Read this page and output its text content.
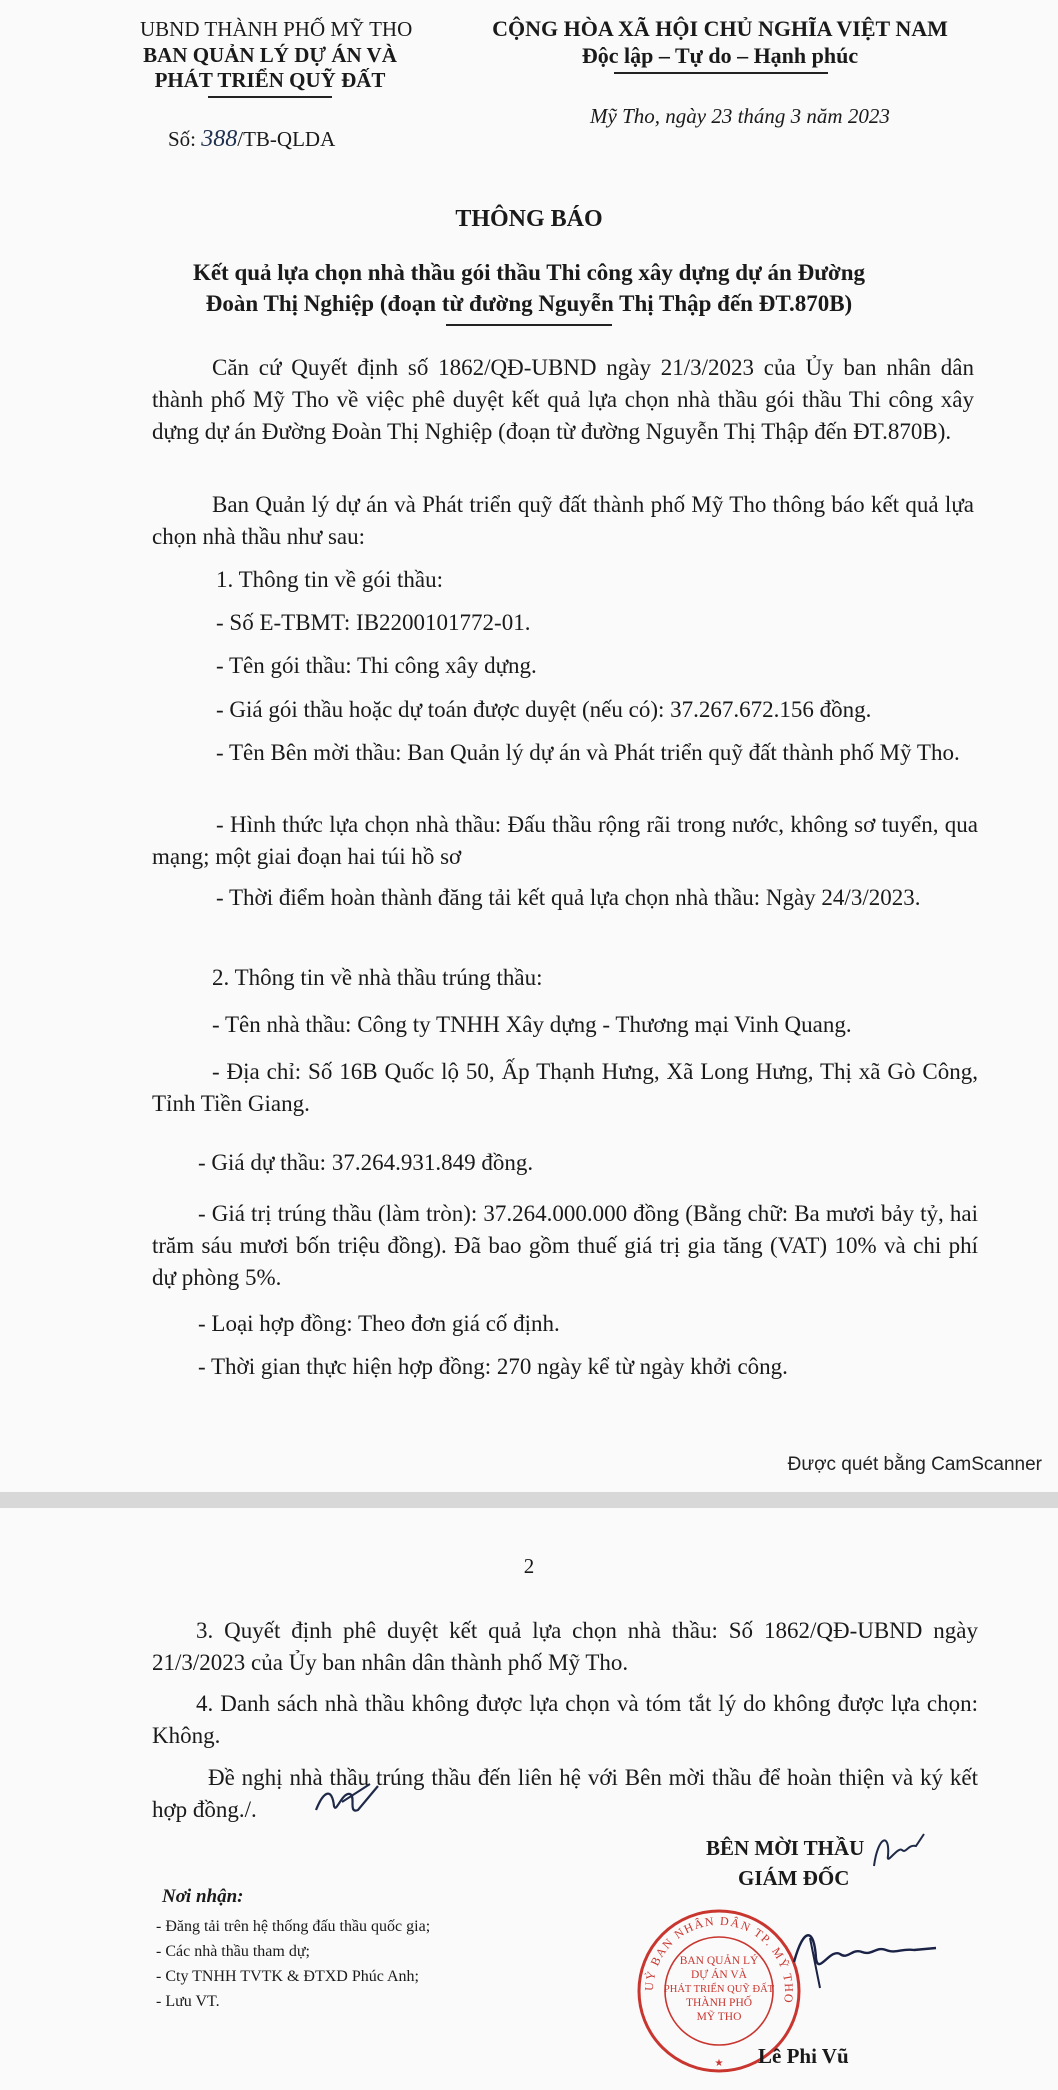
UBND THÀNH PHỐ MỸ THO
BAN QUẢN LÝ DỰ ÁN VÀ
PHÁT TRIỂN QUỸ ĐẤT
Số: 388/TB-QLDA
CỘNG HÒA XÃ HỘI CHỦ NGHĨA VIỆT NAM
Độc lập – Tự do – Hạnh phúc
Mỹ Tho, ngày 23 tháng 3 năm 2023
THÔNG BÁO
Kết quả lựa chọn nhà thầu gói thầu Thi công xây dựng dự án Đường
Đoàn Thị Nghiệp (đoạn từ đường Nguyễn Thị Thập đến ĐT.870B)
Căn cứ Quyết định số 1862/QĐ-UBND ngày 21/3/2023 của Ủy ban nhân dân thành phố Mỹ Tho về việc phê duyệt kết quả lựa chọn nhà thầu gói thầu Thi công xây dựng dự án Đường Đoàn Thị Nghiệp (đoạn từ đường Nguyễn Thị Thập đến ĐT.870B).
Ban Quản lý dự án và Phát triển quỹ đất thành phố Mỹ Tho thông báo kết quả lựa chọn nhà thầu như sau:
1. Thông tin về gói thầu:
- Số E-TBMT: IB2200101772-01.
- Tên gói thầu: Thi công xây dựng.
- Giá gói thầu hoặc dự toán được duyệt (nếu có): 37.267.672.156 đồng.
- Tên Bên mời thầu: Ban Quản lý dự án và Phát triển quỹ đất thành phố Mỹ Tho.
- Hình thức lựa chọn nhà thầu: Đấu thầu rộng rãi trong nước, không sơ tuyển, qua mạng; một giai đoạn hai túi hồ sơ
- Thời điểm hoàn thành đăng tải kết quả lựa chọn nhà thầu: Ngày 24/3/2023.
2. Thông tin về nhà thầu trúng thầu:
- Tên nhà thầu: Công ty TNHH Xây dựng - Thương mại Vinh Quang.
- Địa chỉ: Số 16B Quốc lộ 50, Ấp Thạnh Hưng, Xã Long Hưng, Thị xã Gò Công, Tỉnh Tiền Giang.
- Giá dự thầu: 37.264.931.849 đồng.
- Giá trị trúng thầu (làm tròn): 37.264.000.000 đồng (Bằng chữ: Ba mươi bảy tỷ, hai trăm sáu mươi bốn triệu đồng). Đã bao gồm thuế giá trị gia tăng (VAT) 10% và chi phí dự phòng 5%.
- Loại hợp đồng: Theo đơn giá cố định.
- Thời gian thực hiện hợp đồng: 270 ngày kể từ ngày khởi công.
Được quét bằng CamScanner
2
3. Quyết định phê duyệt kết quả lựa chọn nhà thầu: Số 1862/QĐ-UBND ngày 21/3/2023 của Ủy ban nhân dân thành phố Mỹ Tho.
4. Danh sách nhà thầu không được lựa chọn và tóm tắt lý do không được lựa chọn: Không.
Đề nghị nhà thầu trúng thầu đến liên hệ với Bên mời thầu để hoàn thiện và ký kết hợp đồng./.
BÊN MỜI THẦU
GIÁM ĐỐC
Nơi nhận:
- Đăng tải trên hệ thống đấu thầu quốc gia;
- Các nhà thầu tham dự;
- Cty TNHH TVTK & ĐTXD Phúc Anh;
- Lưu VT.
UỶ BAN NHÂN DÂN TP. MỸ THO
BAN QUẢN LÝ
DỰ ÁN VÀ
PHÁT TRIỂN QUỸ ĐẤT
THÀNH PHỐ
MỸ THO
★ Lê Phi Vũ
